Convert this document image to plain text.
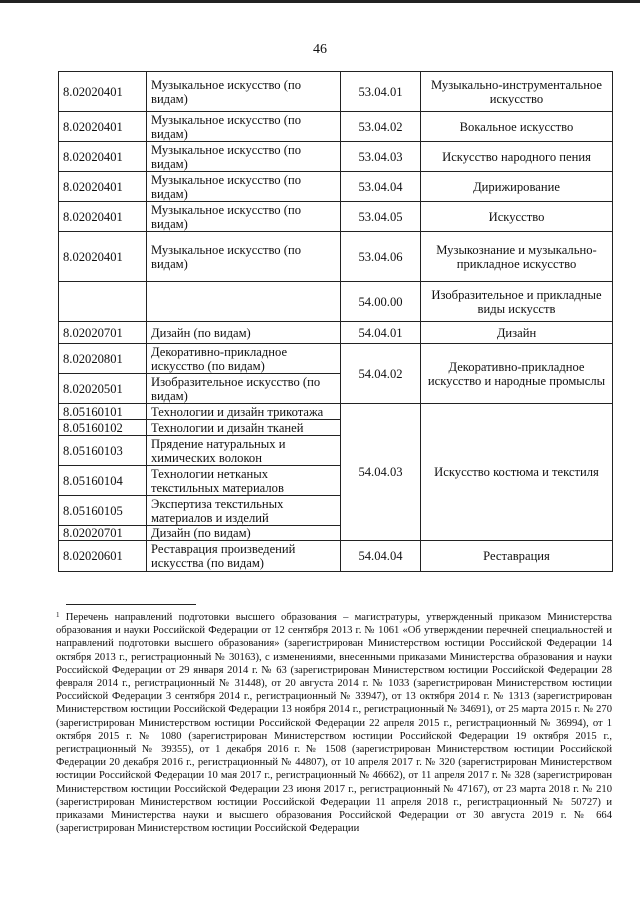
46
8.02020401	Музыкальное искусство (по видам)	53.04.01	Музыкально-инструментальное искусство
8.02020401	Музыкальное искусство (по видам)	53.04.02	Вокальное искусство
8.02020401	Музыкальное искусство (по видам)	53.04.03	Искусство народного пения
8.02020401	Музыкальное искусство (по видам)	53.04.04	Дирижирование
8.02020401	Музыкальное искусство (по видам)	53.04.05	Искусство
8.02020401	Музыкальное искусство (по видам)	53.04.06	Музыкознание и музыкально-прикладное искусство
		54.00.00	Изобразительное и прикладные виды искусств
8.02020701	Дизайн (по видам)	54.04.01	Дизайн
8.02020801	Декоративно-прикладное искусство (по видам)	54.04.02	Декоративно-прикладное искусство и народные промыслы
8.02020501	Изобразительное искусство (по видам)		
8.05160101	Технологии и дизайн трикотажа	54.04.03	Искусство костюма и текстиля
8.05160102	Технологии и дизайн тканей		
8.05160103	Прядение натуральных и химических волокон		
8.05160104	Технологии нетканых текстильных материалов		
8.05160105	Экспертиза текстильных материалов и изделий		
8.02020701	Дизайн (по видам)		
8.02020601	Реставрация произведений искусства (по видам)	54.04.04	Реставрация
$^1$ Перечень направлений подготовки высшего образования – магистратуры, утвержденный приказом Министерства образования и науки Российской Федерации от 12 сентября 2013 г. № 1061 «Об утверждении перечней специальностей и направлений подготовки высшего образования» (зарегистрирован Министерством юстиции Российской Федерации 14 октября 2013 г., регистрационный № 30163), с изменениями, внесенными приказами Министерства образования и науки Российской Федерации от 29 января 2014 г. № 63 (зарегистрирован Министерством юстиции Российской Федерации 28 февраля 2014 г., регистрационный № 31448), от 20 августа 2014 г. № 1033 (зарегистрирован Министерством юстиции Российской Федерации 3 сентября 2014 г., регистрационный № 33947), от 13 октября 2014 г. № 1313 (зарегистрирован Министерством юстиции Российской Федерации 13 ноября 2014 г., регистрационный № 34691), от 25 марта 2015 г. № 270 (зарегистрирован Министерством юстиции Российской Федерации 22 апреля 2015 г., регистрационный № 36994), от 1 октября 2015 г. № 1080 (зарегистрирован Министерством юстиции Российской Федерации 19 октября 2015 г., регистрационный № 39355), от 1 декабря 2016 г. № 1508 (зарегистрирован Министерством юстиции Российской Федерации 20 декабря 2016 г., регистрационный № 44807), от 10 апреля 2017 г. № 320 (зарегистрирован Министерством юстиции Российской Федерации 10 мая 2017 г., регистрационный № 46662), от 11 апреля 2017 г. № 328 (зарегистрирован Министерством юстиции Российской Федерации 23 июня 2017 г., регистрационный № 47167), от 23 марта 2018 г. № 210 (зарегистрирован Министерством юстиции Российской Федерации 11 апреля 2018 г., регистрационный № 50727) и приказами Министерства науки и высшего образования Российской Федерации от 30 августа 2019 г. № 664 (зарегистрирован Министерством юстиции Российской Федерации
